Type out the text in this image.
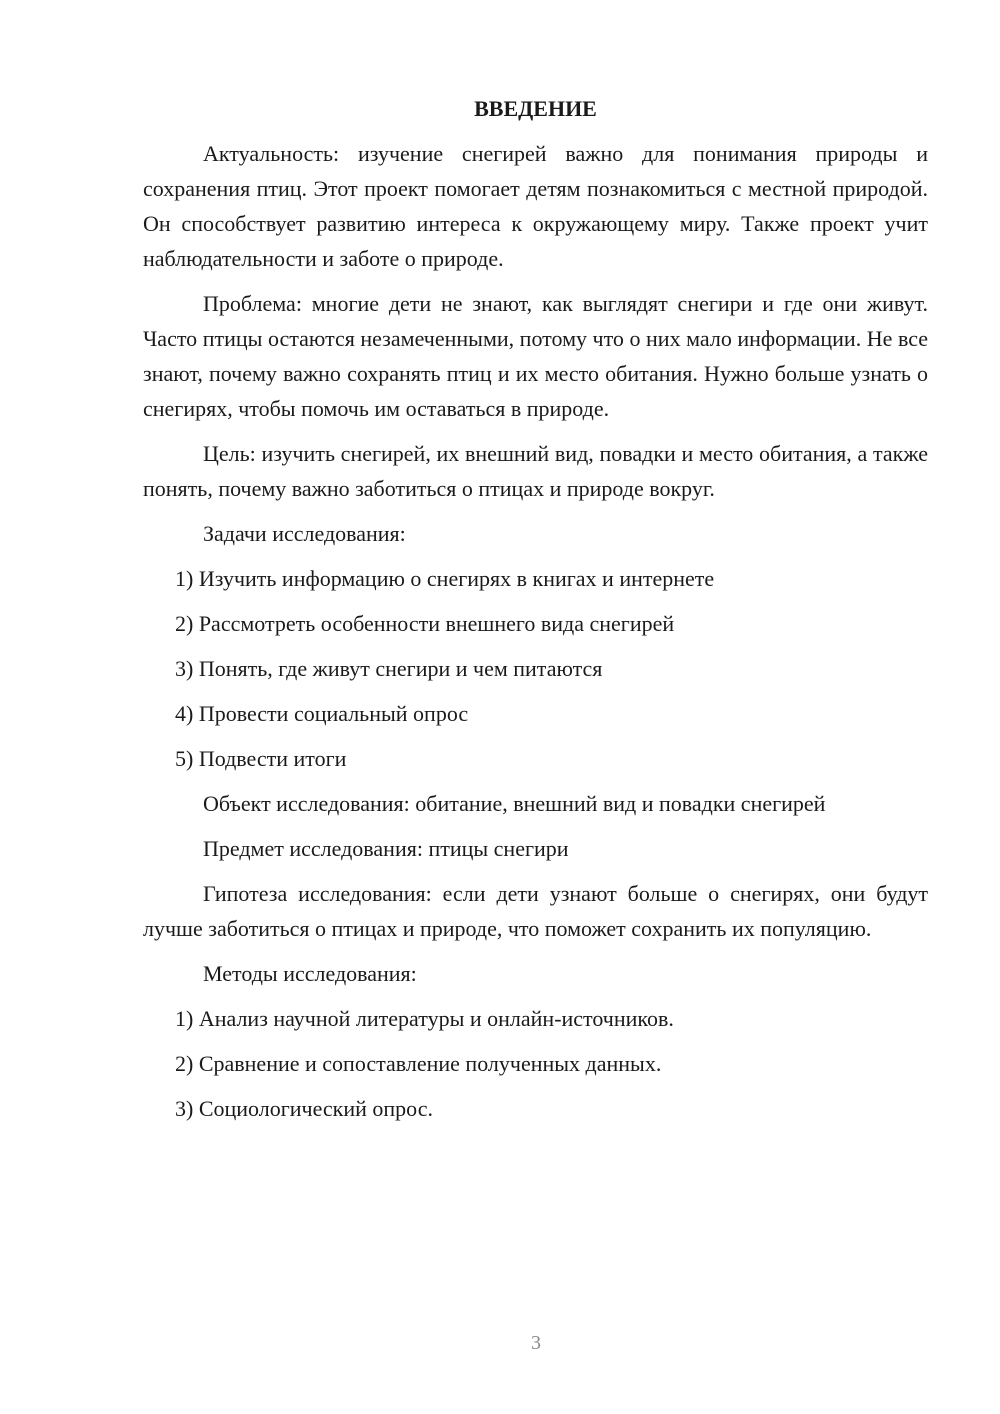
ВВЕДЕНИЕ

Актуальность: изучение снегирей важно для понимания природы и сохранения птиц. Этот проект помогает детям познакомиться с местной природой. Он способствует развитию интереса к окружающему миру. Также проект учит наблюдательности и заботе о природе.

Проблема: многие дети не знают, как выглядят снегири и где они живут. Часто птицы остаются незамеченными, потому что о них мало информации. Не все знают, почему важно сохранять птиц и их место обитания. Нужно больше узнать о снегирях, чтобы помочь им оставаться в природе.

Цель: изучить снегирей, их внешний вид, повадки и место обитания, а также понять, почему важно заботиться о птицах и природе вокруг.

Задачи исследования:
1) Изучить информацию о снегирях в книгах и интернете
2) Рассмотреть особенности внешнего вида снегирей
3) Понять, где живут снегири и чем питаются
4) Провести социальный опрос
5) Подвести итоги
Объект исследования: обитание, внешний вид и повадки снегирей
Предмет исследования: птицы снегири

Гипотеза исследования: если дети узнают больше о снегирях, они будут лучше заботиться о птицах и природе, что поможет сохранить их популяцию.

Методы исследования:
1) Анализ научной литературы и онлайн-источников.
2) Сравнение и сопоставление полученных данных.
3) Социологический опрос.
3
